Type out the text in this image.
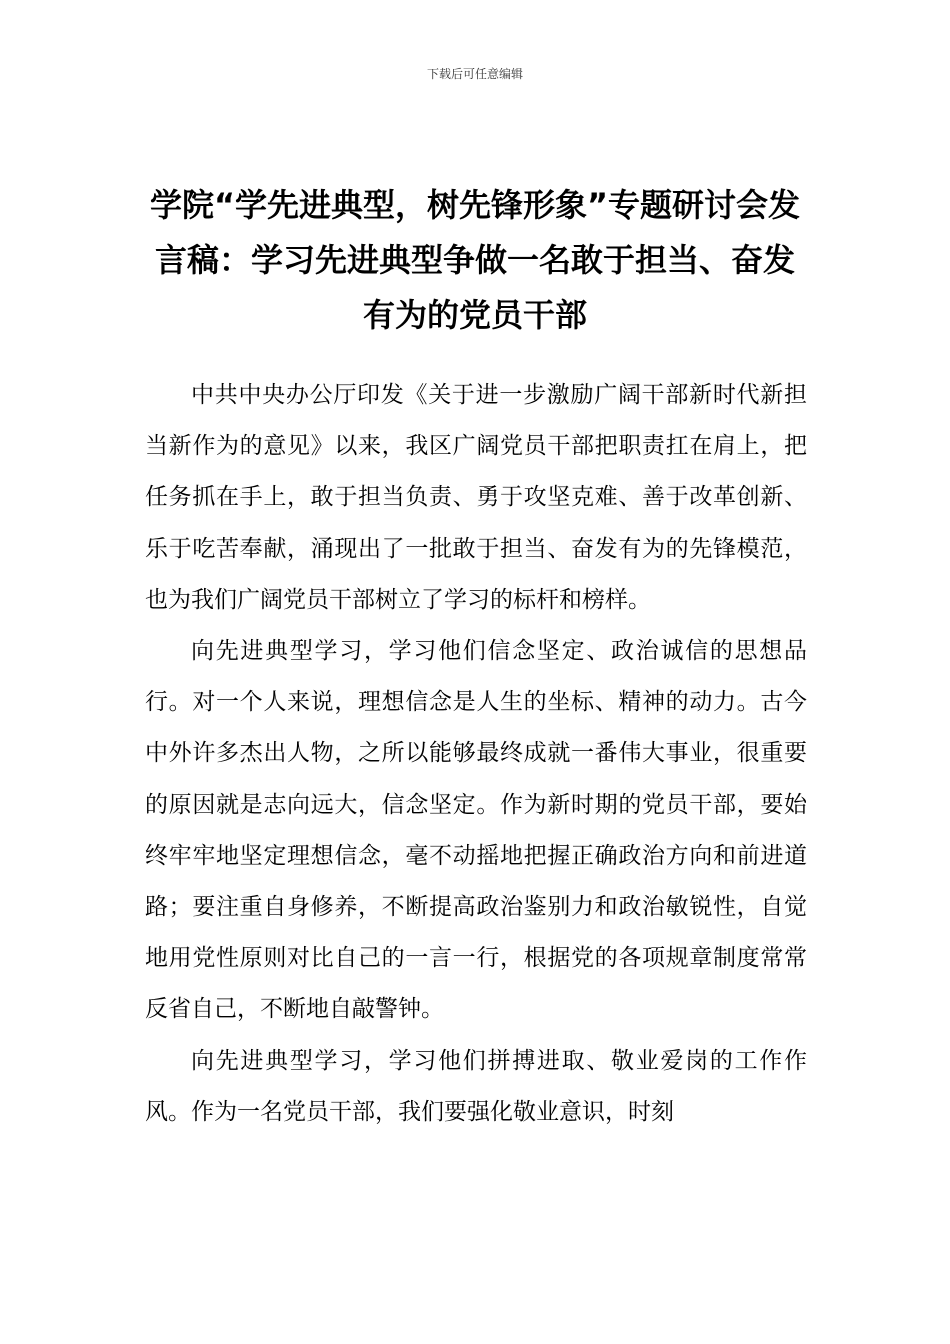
下载后可任意编辑
学院“学先进典型，树先锋形象”专题研讨会发言稿：学习先进典型争做一名敢于担当、奋发有为的党员干部

中共中央办公厅印发《关于进一步激励广阔干部新时代新担当新作为的意见》以来，我区广阔党员干部把职责扛在肩上，把任务抓在手上，敢于担当负责、勇于攻坚克难、善于改革创新、乐于吃苦奉献，涌现出了一批敢于担当、奋发有为的先锋模范，也为我们广阔党员干部树立了学习的标杆和榜样。

向先进典型学习，学习他们信念坚定、政治诚信的思想品行。对一个人来说，理想信念是人生的坐标、精神的动力。古今中外许多杰出人物，之所以能够最终成就一番伟大事业，很重要的原因就是志向远大，信念坚定。作为新时期的党员干部，要始终牢牢地坚定理想信念，毫不动摇地把握正确政治方向和前进道路；要注重自身修养，不断提高政治鉴别力和政治敏锐性，自觉地用党性原则对比自己的一言一行，根据党的各项规章制度常常反省自己，不断地自敲警钟。

向先进典型学习，学习他们拼搏进取、敬业爱岗的工作作风。作为一名党员干部，我们要强化敬业意识，时刻
